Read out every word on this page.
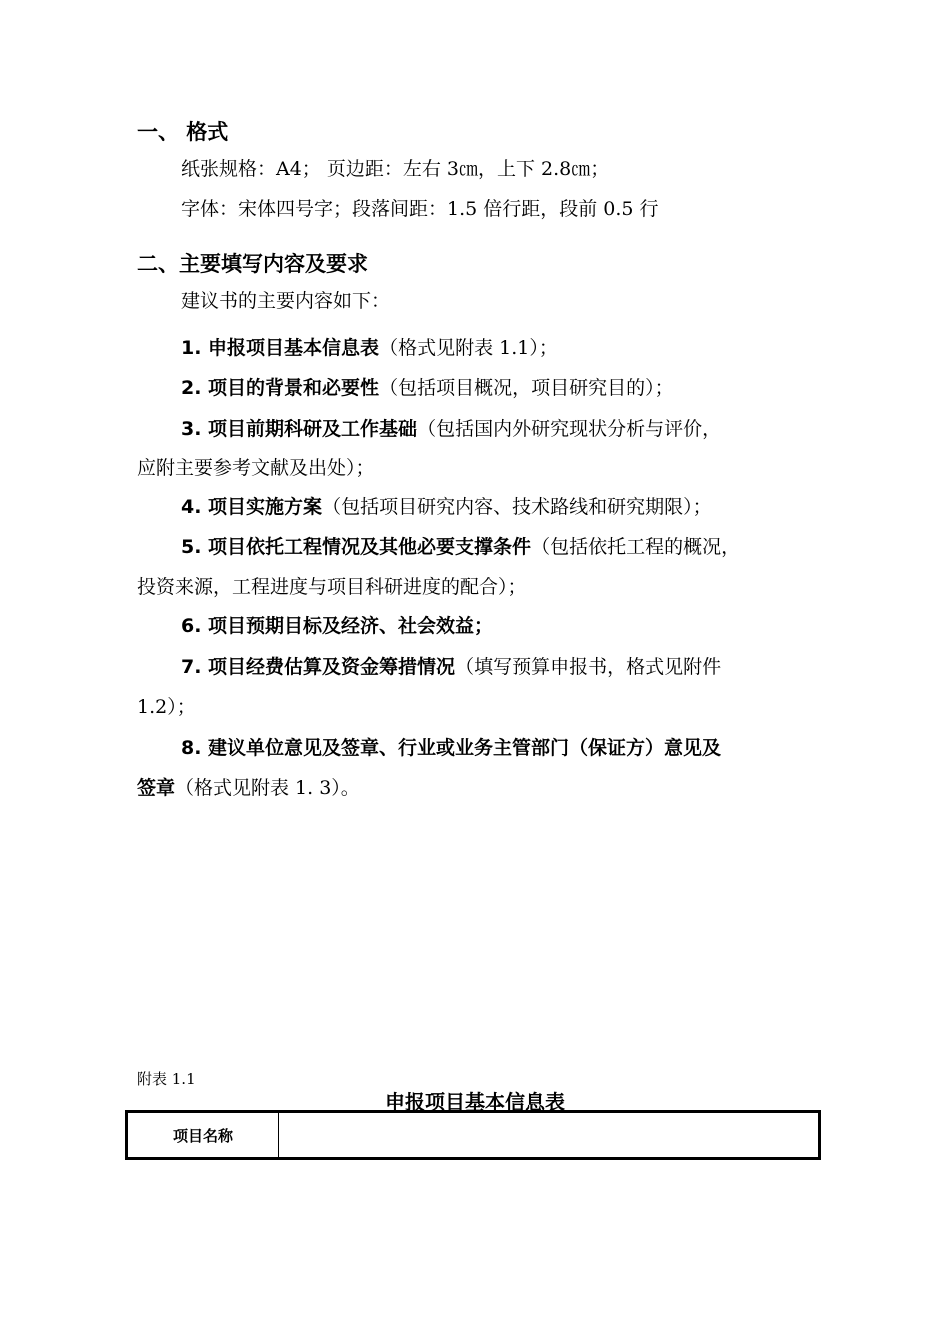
一、 格式
纸张规格：A4； 页边距：左右 3㎝，上下 2.8㎝；
字体：宋体四号字；段落间距：1.5 倍行距，段前 0.5 行
二、主要填写内容及要求
建议书的主要内容如下：
1. 申报项目基本信息表（格式见附表 1.1）；
2. 项目的背景和必要性（包括项目概况，项目研究目的）；
3. 项目前期科研及工作基础（包括国内外研究现状分析与评价，
应附主要参考文献及出处）；
4. 项目实施方案（包括项目研究内容、技术路线和研究期限）；
5. 项目依托工程情况及其他必要支撑条件（包括依托工程的概况，
投资来源，工程进度与项目科研进度的配合）；
6. 项目预期目标及经济、社会效益；
7. 项目经费估算及资金筹措情况（填写预算申报书，格式见附件
1.2）；
8. 建议单位意见及签章、行业或业务主管部门（保证方）意见及
签章（格式见附表 1. 3）。
附表 1.1
申报项目基本信息表
项目名称
